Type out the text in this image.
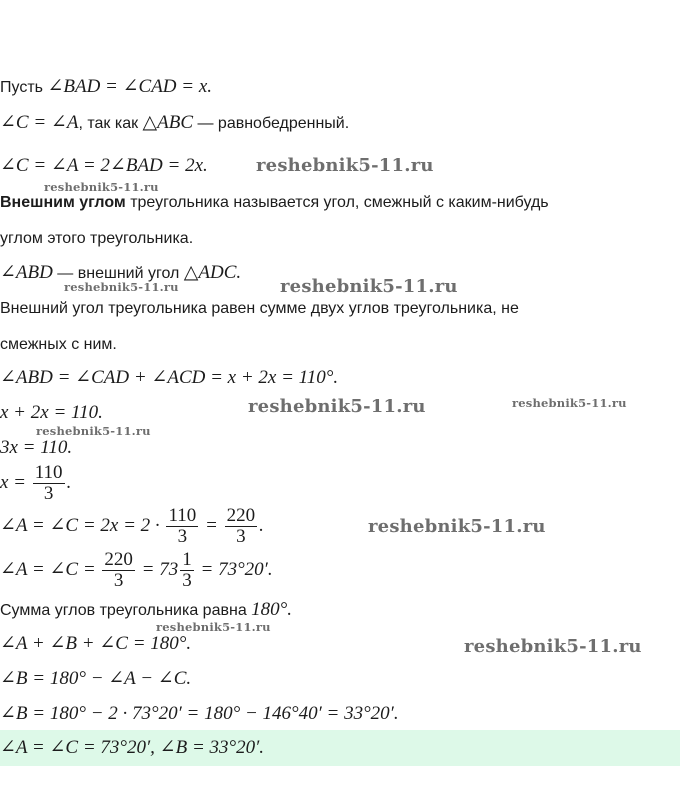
Пусть ∠BAD = ∠CAD = x.
∠C = ∠A, так как △ABC — равнобедренный.
∠C = ∠A = 2∠BAD = 2x.
Внешним углом треугольника называется угол, смежный с каким-нибудь
углом этого треугольника.
∠ABD — внешний угол △ADC.
Внешний угол треугольника равен сумме двух углов треугольника, не
смежных с ним.
∠ABD = ∠CAD + ∠ACD = x + 2x = 110°.
x + 2x = 110.
3x = 110.
$x = \frac{110}{3}$ .
∠A = ∠C = $2x = 2 \cdot \frac{110}{3} = \frac{220}{3}$ .
∠A = ∠C = $\frac{220}{3} = 73 \frac{1}{3} = 73^\circ 20'$.
Сумма углов треугольника равна 180°.
∠A + ∠B + ∠C = 180°.
∠B = 180° − ∠A − ∠C.
∠B = 180° − 2 · 73°20′ = 180° − 146°40′ = 33°20′.
∠A = ∠C = 73°20′, ∠B = 33°20′.
reshebnik5-11.ru
reshebnik5-11.ru
reshebnik5-11.ru
reshebnik5-11.ru
reshebnik5-11.ru	reshebnik5-11.ru
reshebnik5-11.ru
reshebnik5-11.ru
reshebnik5-11.ru
reshebnik5-11.ru
